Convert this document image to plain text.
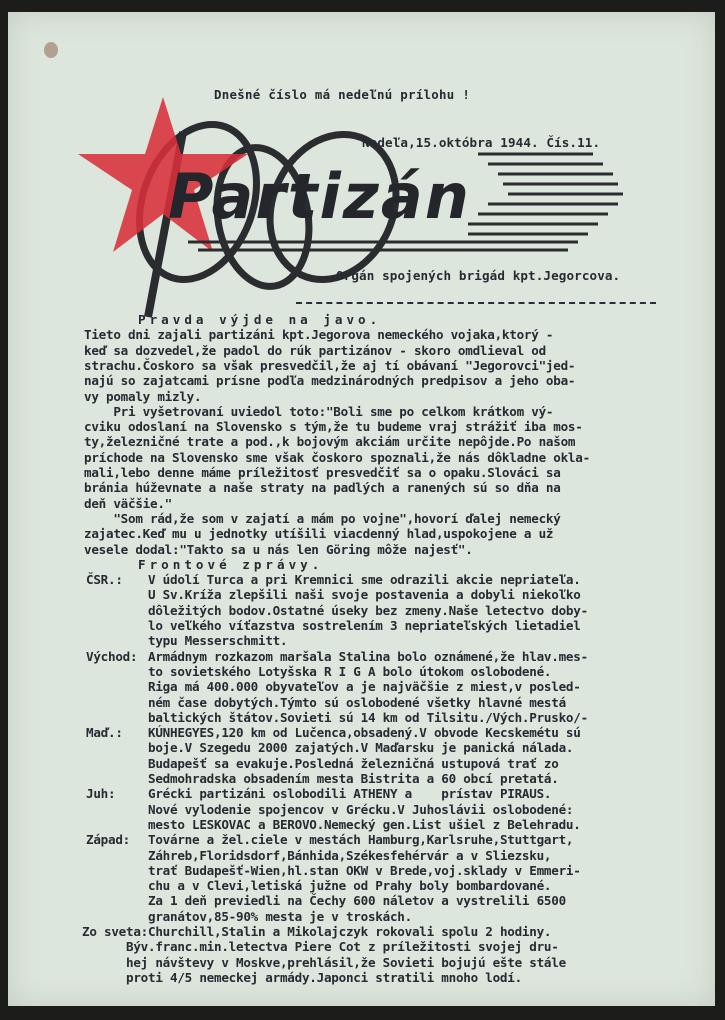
Dnešné číslo má nedeľnú prílohu !
Nedeľa,15.októbra 1944. Čís.11.
Partizán
Orgán spojených brigád kpt.Jegorcova.
Pravda výjde na javo.
Tieto dni zajali partizáni kpt.Jegorova nemeckého vojaka,ktorý -
keď sa dozvedel,že padol do rúk partizánov - skoro omdlieval od
strachu.Čoskoro sa však presvedčil,že aj tí obávaní "Jegorovci"jed-
najú so zajatcami prísne podľa medzinárodných predpisov a jeho oba-
vy pomaly mizly.
Pri vyšetrovaní uviedol toto:"Boli sme po celkom krátkom vý-
cviku odoslaní na Slovensko s tým,že tu budeme vraj strážiť iba mos-
ty,železničné trate a pod.,k bojovým akciám určite nepôjde.Po našom
príchode na Slovensko sme však čoskoro spoznali,že nás dôkladne okla-
mali,lebo denne máme príležitosť presvedčiť sa o opaku.Slováci sa
bránia húževnate a naše straty na padlých a ranených sú so dňa na
deň väčšie."
"Som rád,že som v zajatí a mám po vojne",hovorí ďalej nemecký
zajatec.Keď mu u jednotky utíšili viacdenný hlad,uspokojene a už
vesele dodal:"Takto sa u nás len Göring môže najesť".
Frontové zprávy.
ČSR.: V údolí Turca a pri Kremnici sme odrazili akcie nepriateľa.
U Sv.Kríža zlepšili naši svoje postavenia a dobyli niekoľko
dôležitých bodov.Ostatné úseky bez zmeny.Naše letectvo doby-
lo veľkého víťazstva sostrelením 3 nepriateľských lietadiel
typu Messerschmitt.
Východ: Armádnym rozkazom maršala Stalina bolo oznámené,že hlav.mes-
to sovietského Lotyšska R I G A bolo útokom oslobodené.
Riga má 400.000 obyvateľov a je najväčšie z miest,v posled-
ném čase dobytých.Týmto sú oslobodené všetky hlavné mestá
baltických štátov.Sovieti sú 14 km od Tilsitu./Vých.Prusko/-
Maď.: KÚNHEGYES,120 km od Lučenca,obsadený.V obvode Kecskemétu sú
boje.V Szegedu 2000 zajatých.V Maďarsku je panická nálada.
Budapešť sa evakuje.Posledná železničná ustupová trať zo
Sedmohradska obsadením mesta Bistrita a 60 obcí pretatá.
Juh:	Grécki partizáni oslobodili ATHENY a    prístav PIRAUS.
Nové vylodenie spojencov v Grécku.V Juhoslávii oslobodené:
mesto LESKOVAC a BEROVO.Nemecký gen.List ušiel z Belehradu.
Západ: Továrne a žel.ciele v mestách Hamburg,Karlsruhe,Stuttgart,
Záhreb,Floridsdorf,Bánhida,Székesfehérvár a v Sliezsku,
trať Budapešť-Wien,hl.stan OKW v Brede,voj.sklady v Emmeri-
chu a v Clevi,letiská južne od Prahy boly bombardované.
Za 1 deň previedli na Čechy 600 náletov a vystrelili 6500
granátov,85-90% mesta je v troskách.
Zo sveta: Churchill,Stalin a Mikolajczyk rokovali spolu 2 hodiny.
Býv.franc.min.letectva Piere Cot z príležitosti svojej dru-
hej návštevy v Moskve,prehlásil,že Sovieti bojujú ešte stále
proti 4/5 nemeckej armády.Japonci stratili mnoho lodí.
